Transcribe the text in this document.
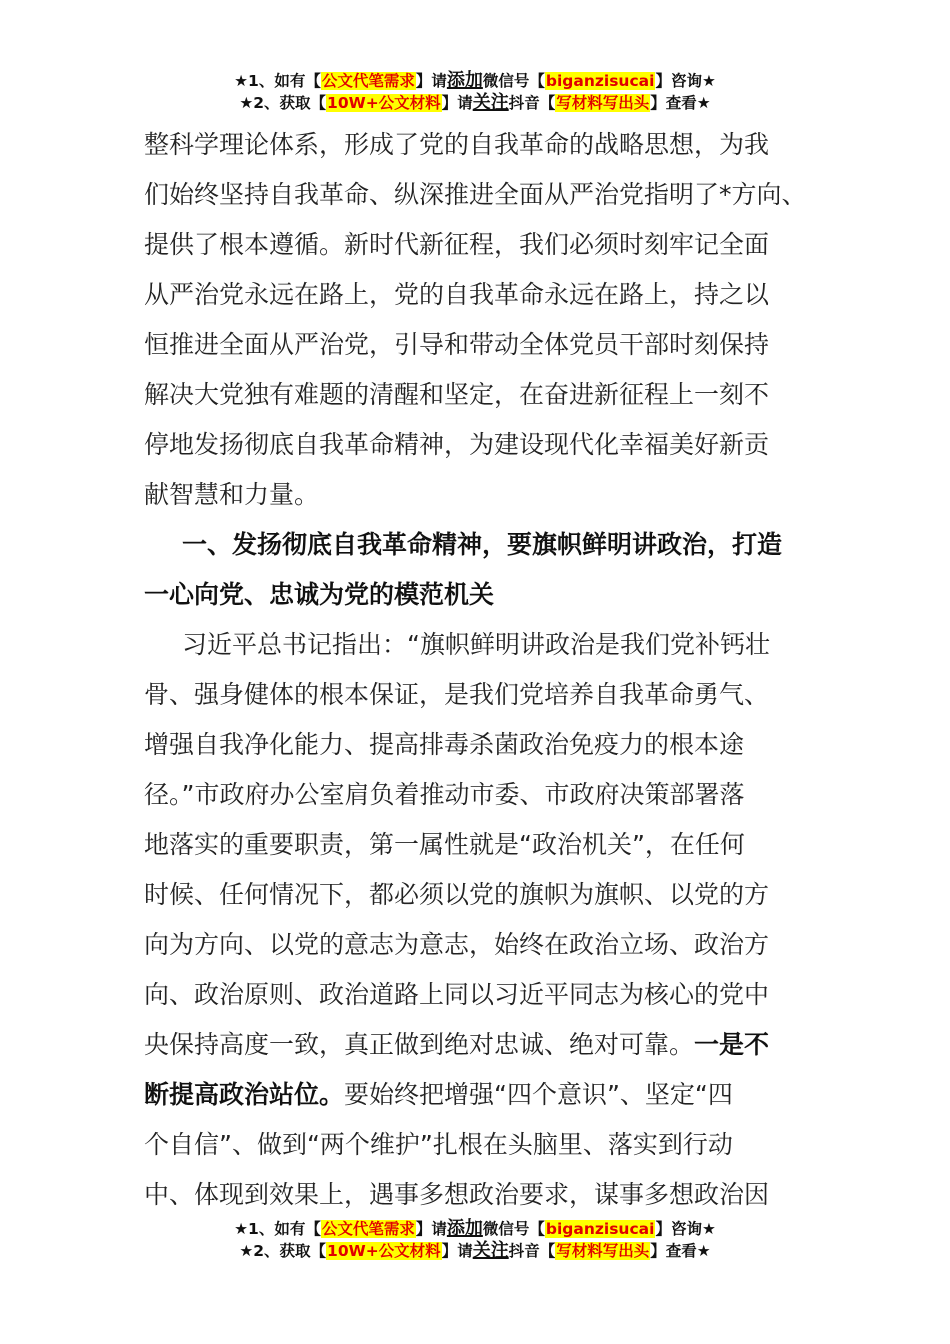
★1、如有【公文代笔需求】请添加微信号【biganzisucai】咨询★
★2、获取【10W+公文材料】请关注抖音【写材料写出头】查看★
整科学理论体系，形成了党的自我革命的战略思想，为我
们始终坚持自我革命、纵深推进全面从严治党指明了*方向、
提供了根本遵循。新时代新征程，我们必须时刻牢记全面
从严治党永远在路上，党的自我革命永远在路上，持之以
恒推进全面从严治党，引导和带动全体党员干部时刻保持
解决大党独有难题的清醒和坚定，在奋进新征程上一刻不
停地发扬彻底自我革命精神，为建设现代化幸福美好新贡
献智慧和力量。
一、发扬彻底自我革命精神，要旗帜鲜明讲政治，打造
一心向党、忠诚为党的模范机关
习近平总书记指出：“旗帜鲜明讲政治是我们党补钙壮
骨、强身健体的根本保证，是我们党培养自我革命勇气、
增强自我净化能力、提高排毒杀菌政治免疫力的根本途
径。”市政府办公室肩负着推动市委、市政府决策部署落
地落实的重要职责，第一属性就是“政治机关”，在任何
时候、任何情况下，都必须以党的旗帜为旗帜、以党的方
向为方向、以党的意志为意志，始终在政治立场、政治方
向、政治原则、政治道路上同以习近平同志为核心的党中
央保持高度一致，真正做到绝对忠诚、绝对可靠。一是不
断提高政治站位。要始终把增强“四个意识”、坚定“四
个自信”、做到“两个维护”扎根在头脑里、落实到行动
中、体现到效果上，遇事多想政治要求，谋事多想政治因
★1、如有【公文代笔需求】请添加微信号【biganzisucai】咨询★
★2、获取【10W+公文材料】请关注抖音【写材料写出头】查看★
